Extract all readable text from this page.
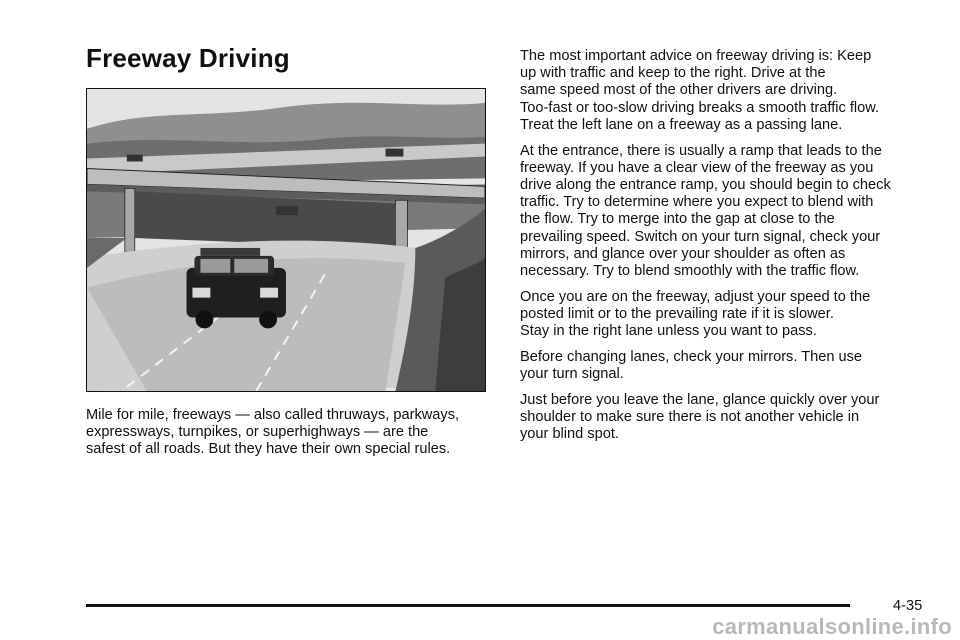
Freeway Driving

Mile for mile, freeways — also called thruways, parkways,
expressways, turnpikes, or superhighways — are the
safest of all roads. But they have their own special rules.

The most important advice on freeway driving is: Keep
up with traffic and keep to the right. Drive at the
same speed most of the other drivers are driving.
Too-fast or too-slow driving breaks a smooth traffic flow.
Treat the left lane on a freeway as a passing lane.

At the entrance, there is usually a ramp that leads to the
freeway. If you have a clear view of the freeway as you
drive along the entrance ramp, you should begin to check
traffic. Try to determine where you expect to blend with
the flow. Try to merge into the gap at close to the
prevailing speed. Switch on your turn signal, check your
mirrors, and glance over your shoulder as often as
necessary. Try to blend smoothly with the traffic flow.

Once you are on the freeway, adjust your speed to the
posted limit or to the prevailing rate if it is slower.
Stay in the right lane unless you want to pass.

Before changing lanes, check your mirrors. Then use
your turn signal.

Just before you leave the lane, glance quickly over your
shoulder to make sure there is not another vehicle in
your blind spot.

4-35
carmanualsonline.info
